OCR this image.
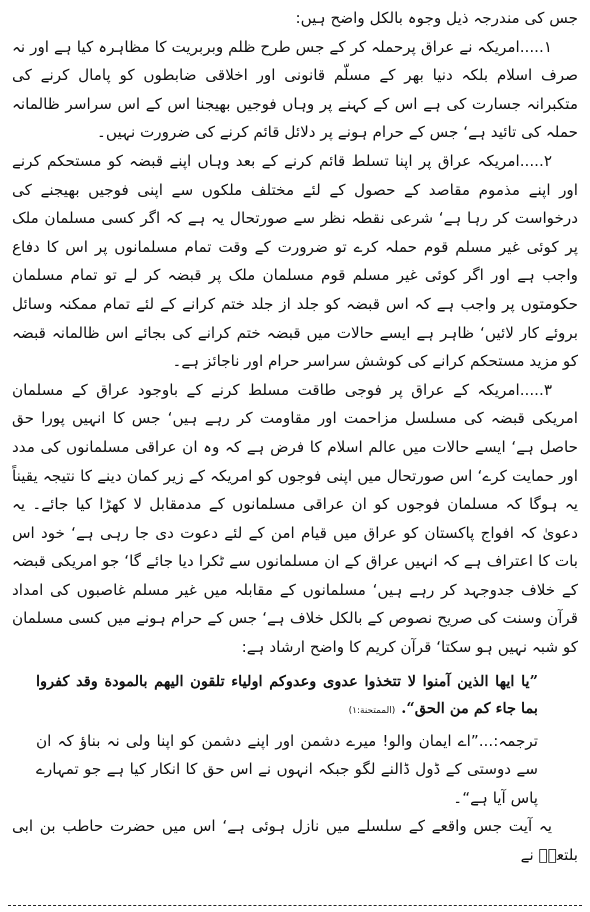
جس کی مندرجہ ذیل وجوہ بالکل واضح ہیں:

١.....امریکہ نے عراق پرحملہ کر کے جس طرح ظلم وبربریت کا مظاہرہ کیا ہے اور نہ صرف اسلام بلکہ دنیا بھر کے مسلّم قانونی اور اخلاقی ضابطوں کو پامال کرنے کی متکبرانہ جسارت کی ہے اس کے کہنے پر وہاں فوجیں بھیجنا اس کے اس سراسر ظالمانہ حملہ کی تائید ہے‘ جس کے حرام ہونے پر دلائل قائم کرنے کی ضرورت نہیں۔

٢.....امریکہ عراق پر اپنا تسلط قائم کرنے کے بعد وہاں اپنے قبضہ کو مستحکم کرنے اور اپنے مذموم مقاصد کے حصول کے لئے مختلف ملکوں سے اپنی فوجیں بھیجنے کی درخواست کر رہا ہے‘ شرعی نقطہ نظر سے صورتحال یہ ہے کہ اگر کسی مسلمان ملک پر کوئی غیر مسلم قوم حملہ کرے تو ضرورت کے وقت تمام مسلمانوں پر اس کا دفاع واجب ہے اور اگر کوئی غیر مسلم قوم مسلمان ملک پر قبضہ کر لے تو تمام مسلمان حکومتوں پر واجب ہے کہ اس قبضہ کو جلد از جلد ختم کرانے کے لئے تمام ممکنہ وسائل بروئے کار لائیں‘ ظاہر ہے ایسے حالات میں قبضہ ختم کرانے کی بجائے اس ظالمانہ قبضہ کو مزید مستحکم کرانے کی کوشش سراسر حرام اور ناجائز ہے۔

٣.....امریکہ کے عراق پر فوجی طاقت مسلط کرنے کے باوجود عراق کے مسلمان امریکی قبضہ کی مسلسل مزاحمت اور مقاومت کر رہے ہیں‘ جس کا انہیں پورا حق حاصل ہے‘ ایسے حالات میں عالم اسلام کا فرض ہے کہ وہ ان عراقی مسلمانوں کی مدد اور حمایت کرے‘ اس صورتحال میں اپنی فوجوں کو امریکہ کے زیر کمان دینے کا نتیجہ یقیناً یہ ہوگا کہ مسلمان فوجوں کو ان عراقی مسلمانوں کے مدمقابل لا کھڑا کیا جائے۔ یہ دعویٰ کہ افواج پاکستان کو عراق میں قیام امن کے لئے دعوت دی جا رہی ہے‘ خود اس بات کا اعتراف ہے کہ انہیں عراق کے ان مسلمانوں سے ٹکرا دیا جائے گا‘ جو امریکی قبضہ کے خلاف جدوجہد کر رہے ہیں‘ مسلمانوں کے مقابلہ میں غیر مسلم غاصبوں کی امداد قرآن وسنت کی صریح نصوص کے بالکل خلاف ہے‘ جس کے حرام ہونے میں کسی مسلمان کو شبہ نہیں ہو سکتا‘ قرآن کریم کا واضح ارشاد ہے:

”یا ایها الذین آمنوا لا تتخذوا عدوی وعدوكم اولیاء تلقون الیهم بالمودة وقد كفروا بما جاء كم من الحق“.(الممتحنة:١)
ترجمہ:...”اے ایمان والو! میرے دشمن اور اپنے دشمن کو اپنا ولی نہ بناؤ کہ ان سے دوستی کے ڈول ڈالنے لگو جبکہ انہوں نے اس حق کا انکار کیا ہے جو تمہارے پاس آیا ہے“۔

یہ آیت جس واقعے کے سلسلے میں نازل ہوئی ہے‘ اس میں حضرت حاطب بن ابی بلتعہؓ نے
